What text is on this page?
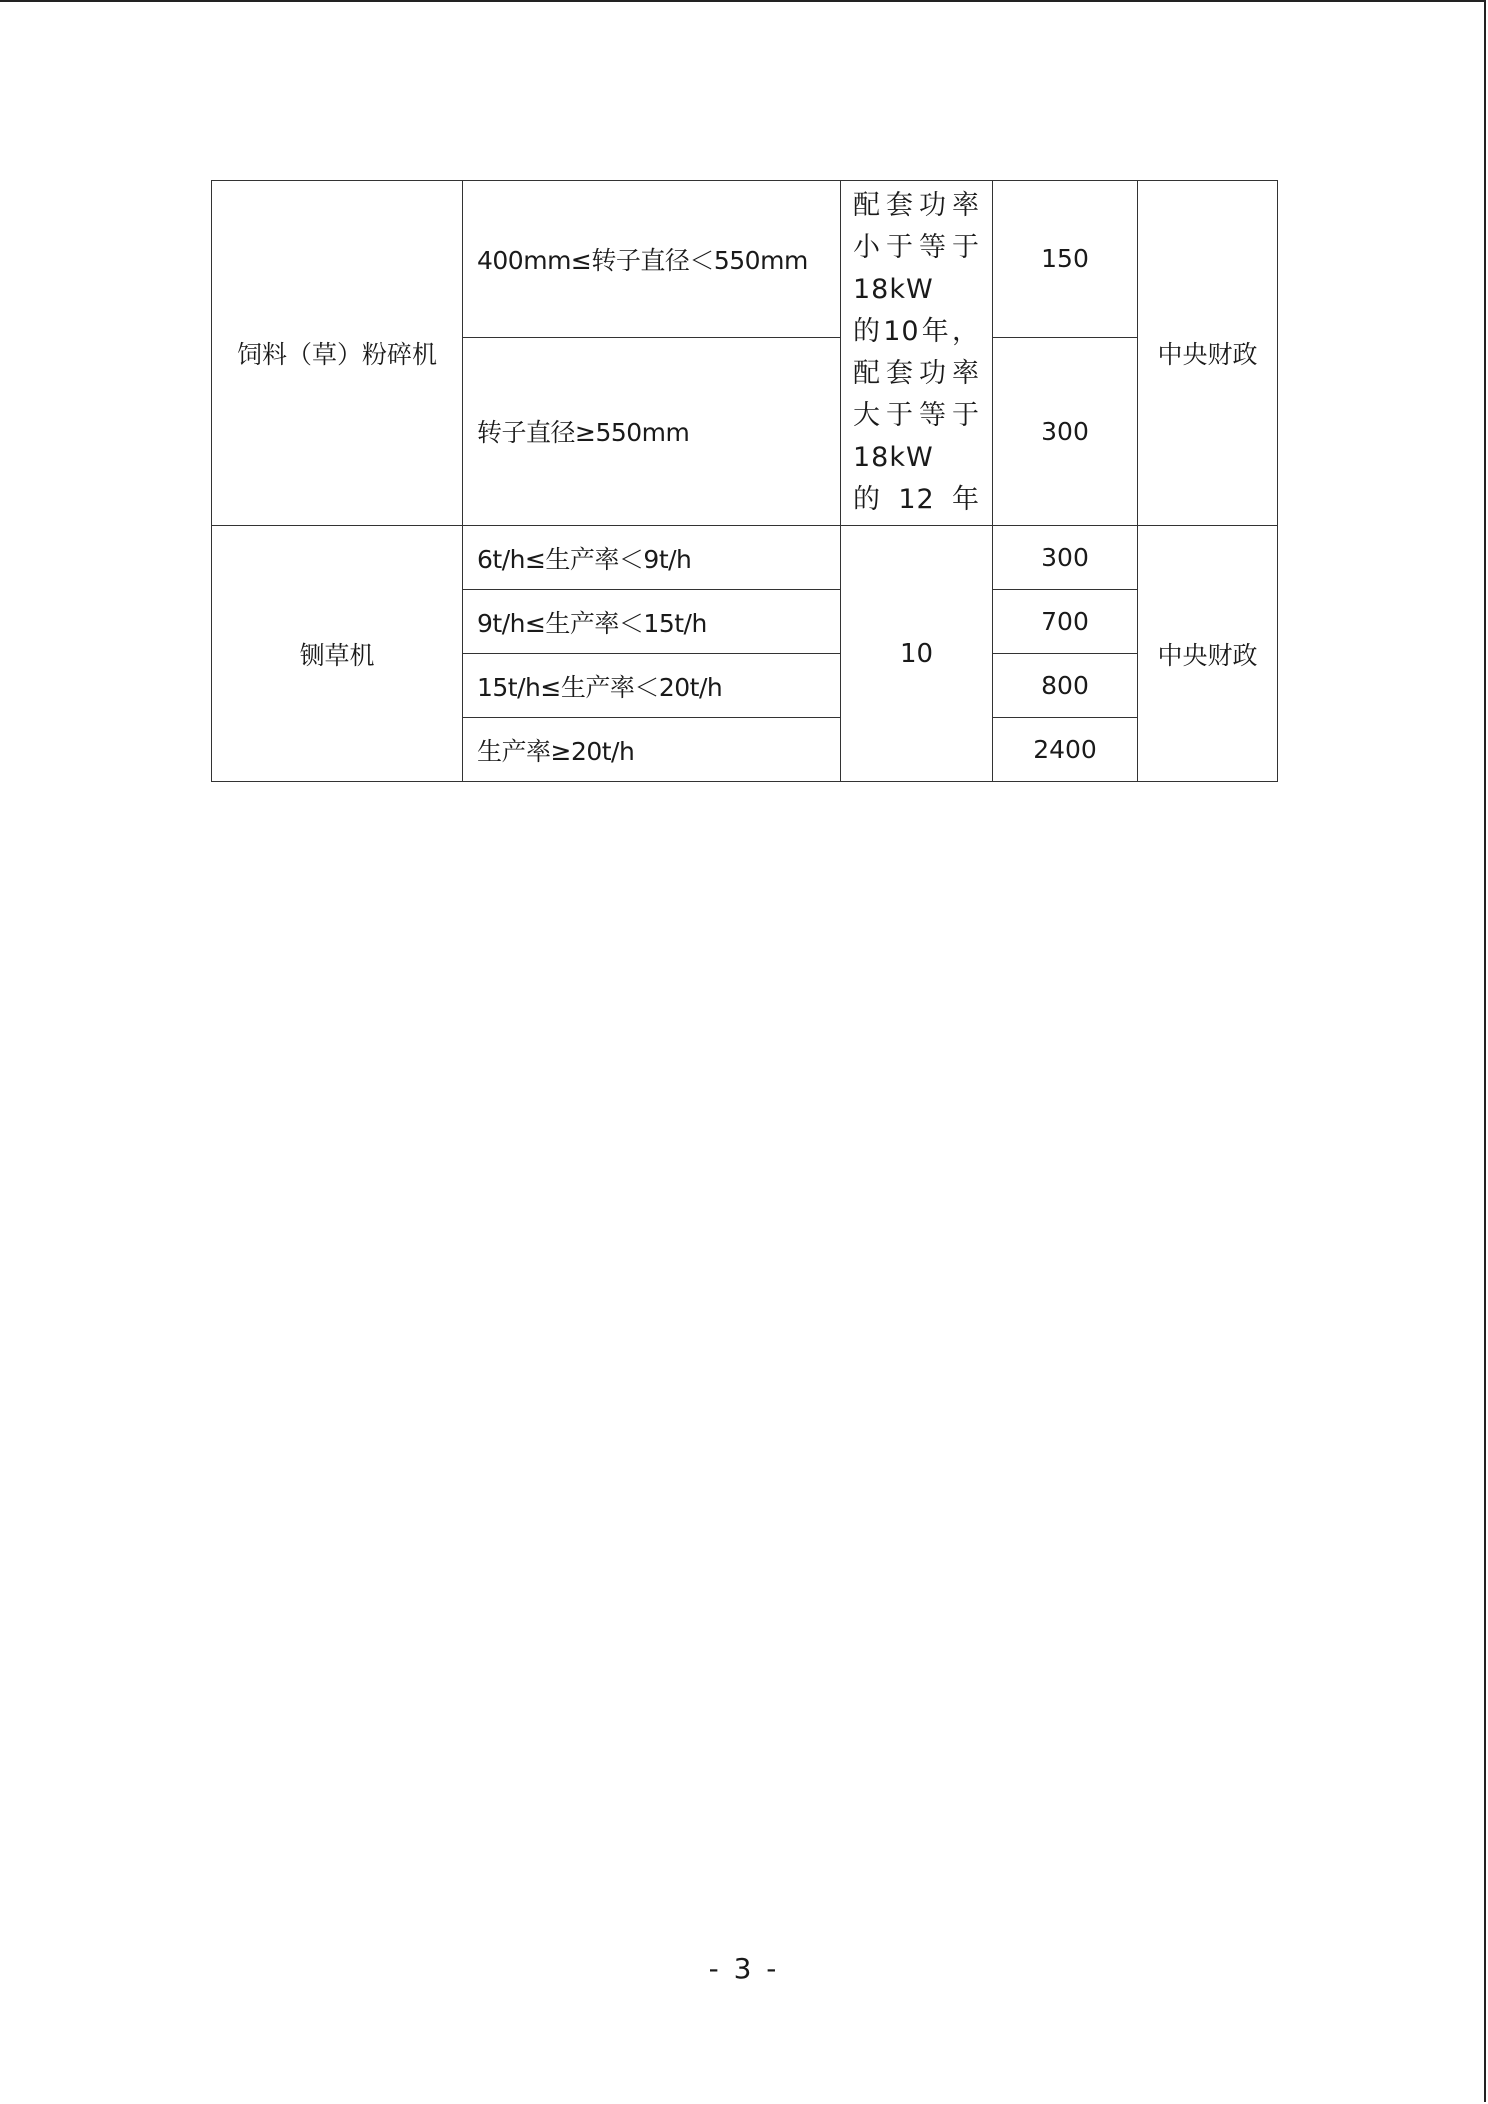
饲料（草）粉碎机	400mm≤转子直径＜550mm	配套功率小于等于18kW　的10年，配套功率大于等于18kW　的12年	150	中央财政
	转子直径≥550mm		300	
铡草机	6t/h≤生产率＜9t/h	10	300	中央财政
	9t/h≤生产率＜15t/h		700	
	15t/h≤生产率＜20t/h		800	
	生产率≥20t/h		2400	
- 3 -
